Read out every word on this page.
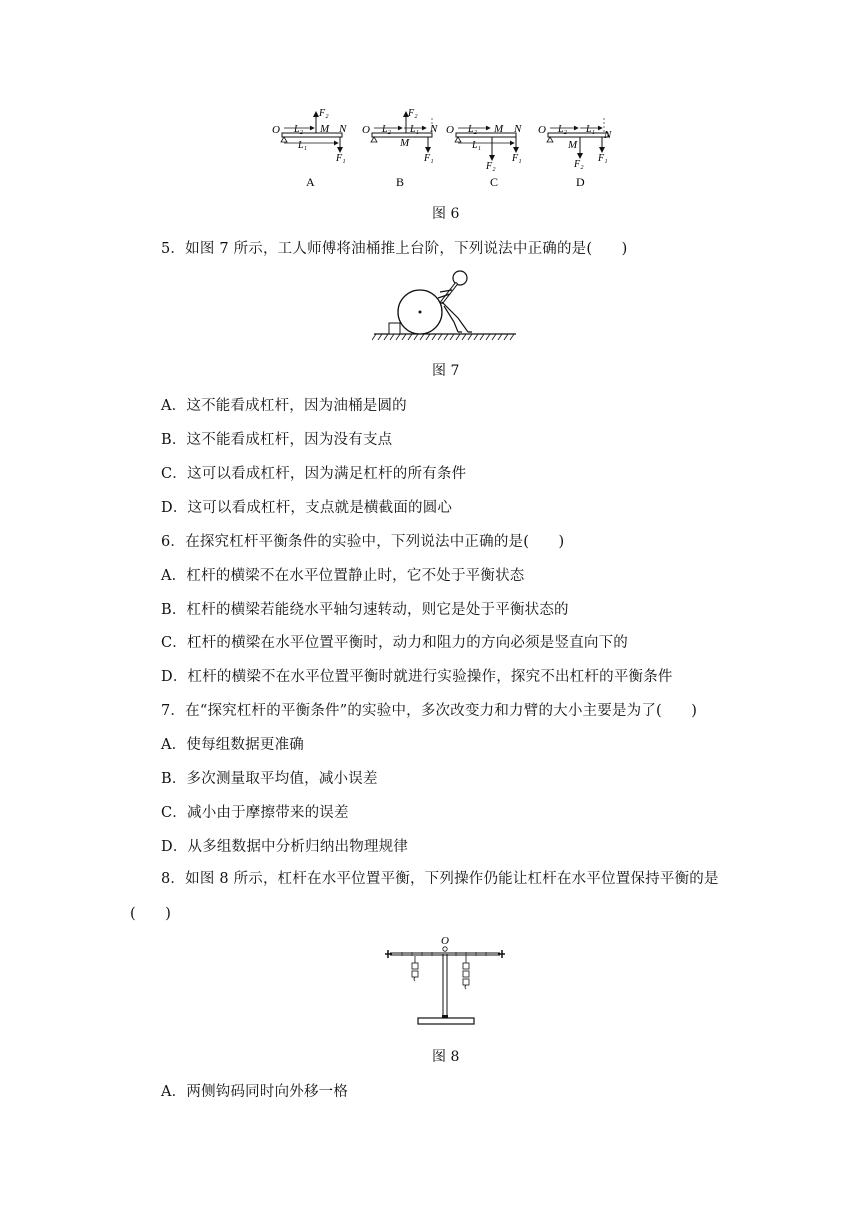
O	M N
L₂
L₁
F₂
F₁
A
O
M
N
L₂ L₁
F₂
F₁
B
O	M N
L₂
L₁
F₂
F₁
C
O
M
N
L₂ L₁
F₂
F₁
D
图 6
5．如图 7 所示，工人师傅将油桶推上台阶，下列说法中正确的是(　　)
图 7
A．这不能看成杠杆，因为油桶是圆的
B．这不能看成杠杆，因为没有支点
C．这可以看成杠杆，因为满足杠杆的所有条件
D．这可以看成杠杆，支点就是横截面的圆心
6．在探究杠杆平衡条件的实验中，下列说法中正确的是(　　)
A．杠杆的横梁不在水平位置静止时，它不处于平衡状态
B．杠杆的横梁若能绕水平轴匀速转动，则它是处于平衡状态的
C．杠杆的横梁在水平位置平衡时，动力和阻力的方向必须是竖直向下的
D．杠杆的横梁不在水平位置平衡时就进行实验操作，探究不出杠杆的平衡条件
7．在“探究杠杆的平衡条件”的实验中，多次改变力和力臂的大小主要是为了(　　)
A．使每组数据更准确
B．多次测量取平均值，减小误差
C．减小由于摩擦带来的误差
D．从多组数据中分析归纳出物理规律
8．如图 8 所示，杠杆在水平位置平衡，下列操作仍能让杠杆在水平位置保持平衡的是
(　　)
O
图 8
A．两侧钩码同时向外移一格
